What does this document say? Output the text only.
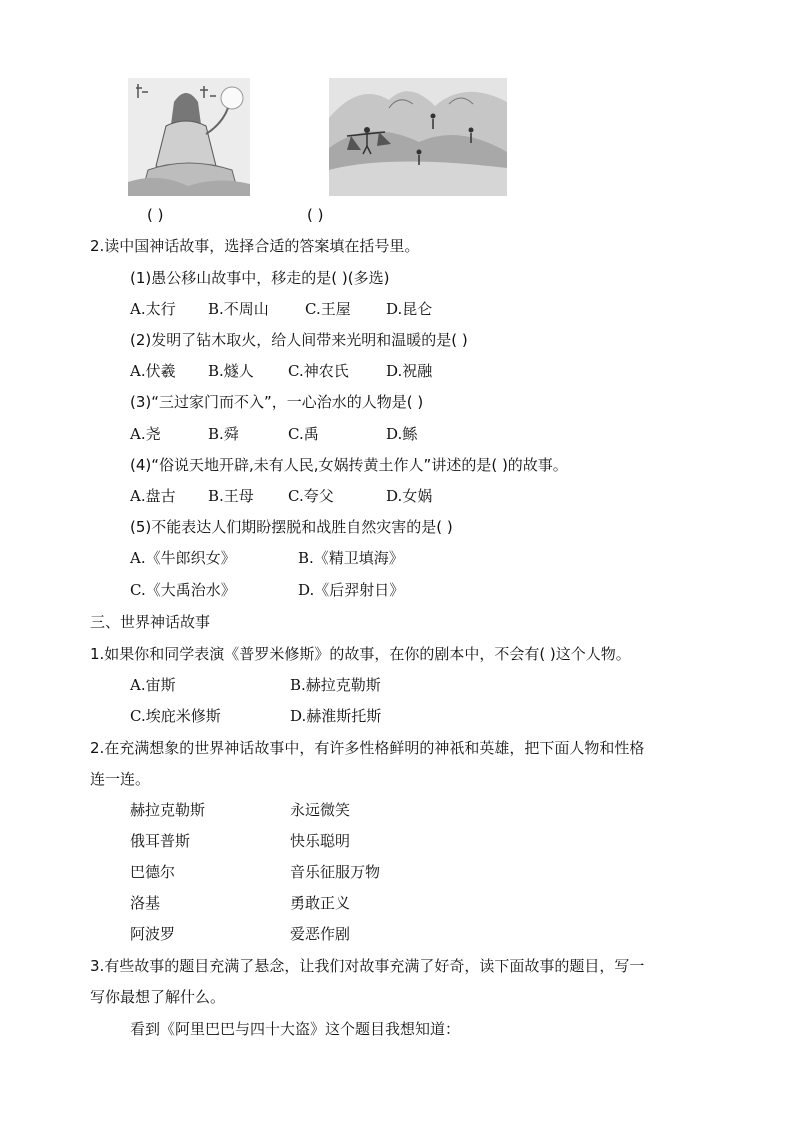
( )	( )
2.读中国神话故事，选择合适的答案填在括号里。
(1)愚公移山故事中，移走的是( )(多选)
A.太行 B.不周山 C.王屋 D.昆仑
(2)发明了钻木取火，给人间带来光明和温暖的是( )
A.伏羲 B.燧人 C.神农氏 D.祝融
(3)“三过家门而不入”，一心治水的人物是( )
A.尧	B.舜	C.禹	D.鲧
(4)“俗说天地开辟,未有人民,女娲抟黄土作人”讲述的是( )的故事。
A.盘古 B.王母 C.夸父	D.女娲
(5)不能表达人们期盼摆脱和战胜自然灾害的是( )
A.《牛郎织女》	B.《精卫填海》
C.《大禹治水》	D.《后羿射日》
三、世界神话故事
1.如果你和同学表演《普罗米修斯》的故事，在你的剧本中，不会有( )这个人物。
A.宙斯	B.赫拉克勒斯
C.埃庇米修斯	D.赫淮斯托斯
2.在充满想象的世界神话故事中，有许多性格鲜明的神祇和英雄，把下面人物和性格
连一连。
赫拉克勒斯	永远微笑
俄耳普斯	快乐聪明
巴德尔	音乐征服万物
洛基	勇敢正义
阿波罗	爱恶作剧
3.有些故事的题目充满了悬念，让我们对故事充满了好奇，读下面故事的题目，写一
写你最想了解什么。
看到《阿里巴巴与四十大盗》这个题目我想知道：
